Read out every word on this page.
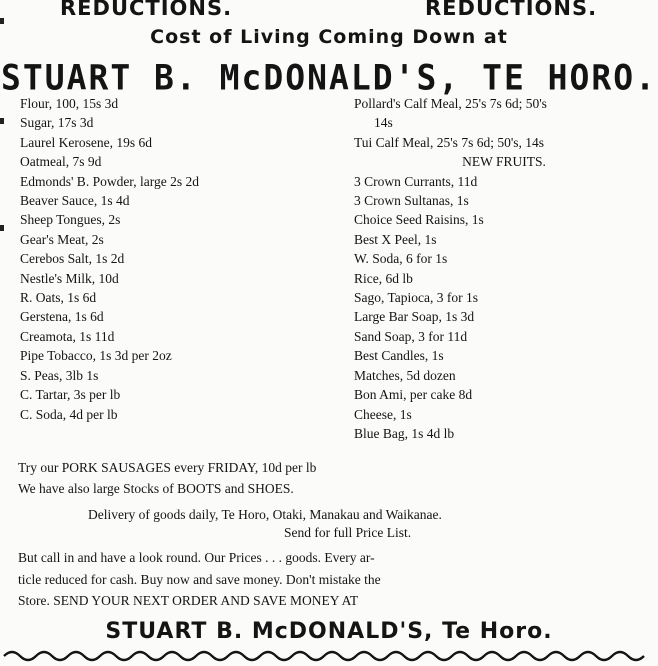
REDUCTIONS.	REDUCTIONS.
Cost of Living Coming Down at
STUART B. McDONALD'S, TE HORO.
Flour, 100, 15s 3d
Sugar, 17s 3d
Laurel Kerosene, 19s 6d
Oatmeal, 7s 9d
Edmonds' B. Powder, large 2s 2d
Beaver Sauce, 1s 4d
Sheep Tongues, 2s
Gear's Meat, 2s
Cerebos Salt, 1s 2d
Nestle's Milk, 10d
R. Oats, 1s 6d
Gerstena, 1s 6d
Creamota, 1s 11d
Pipe Tobacco, 1s 3d per 2oz
S. Peas, 3lb 1s
C. Tartar, 3s per lb
C. Soda, 4d per lb
Pollard's Calf Meal, 25's 7s 6d; 50's
14s
Tui Calf Meal, 25's 7s 6d; 50's, 14s
NEW FRUITS.
3 Crown Currants, 11d
3 Crown Sultanas, 1s
Choice Seed Raisins, 1s
Best X Peel, 1s
W. Soda, 6 for 1s
Rice, 6d lb
Sago, Tapioca, 3 for 1s
Large Bar Soap, 1s 3d
Sand Soap, 3 for 11d
Best Candles, 1s
Matches, 5d dozen
Bon Ami, per cake 8d
Cheese, 1s
Blue Bag, 1s 4d lb
Try our PORK SAUSAGES every FRIDAY, 10d per lb
We have also large Stocks of BOOTS and SHOES.
Delivery of goods daily, Te Horo, Otaki, Manakau and Waikanae.
Send for full Price List.
But call in and have a look round. Our Prices . . . goods. Every ar-
ticle reduced for cash. Buy now and save money. Don't mistake the
Store. SEND YOUR NEXT ORDER AND SAVE MONEY AT
STUART B. McDONALD'S, Te Horo.
